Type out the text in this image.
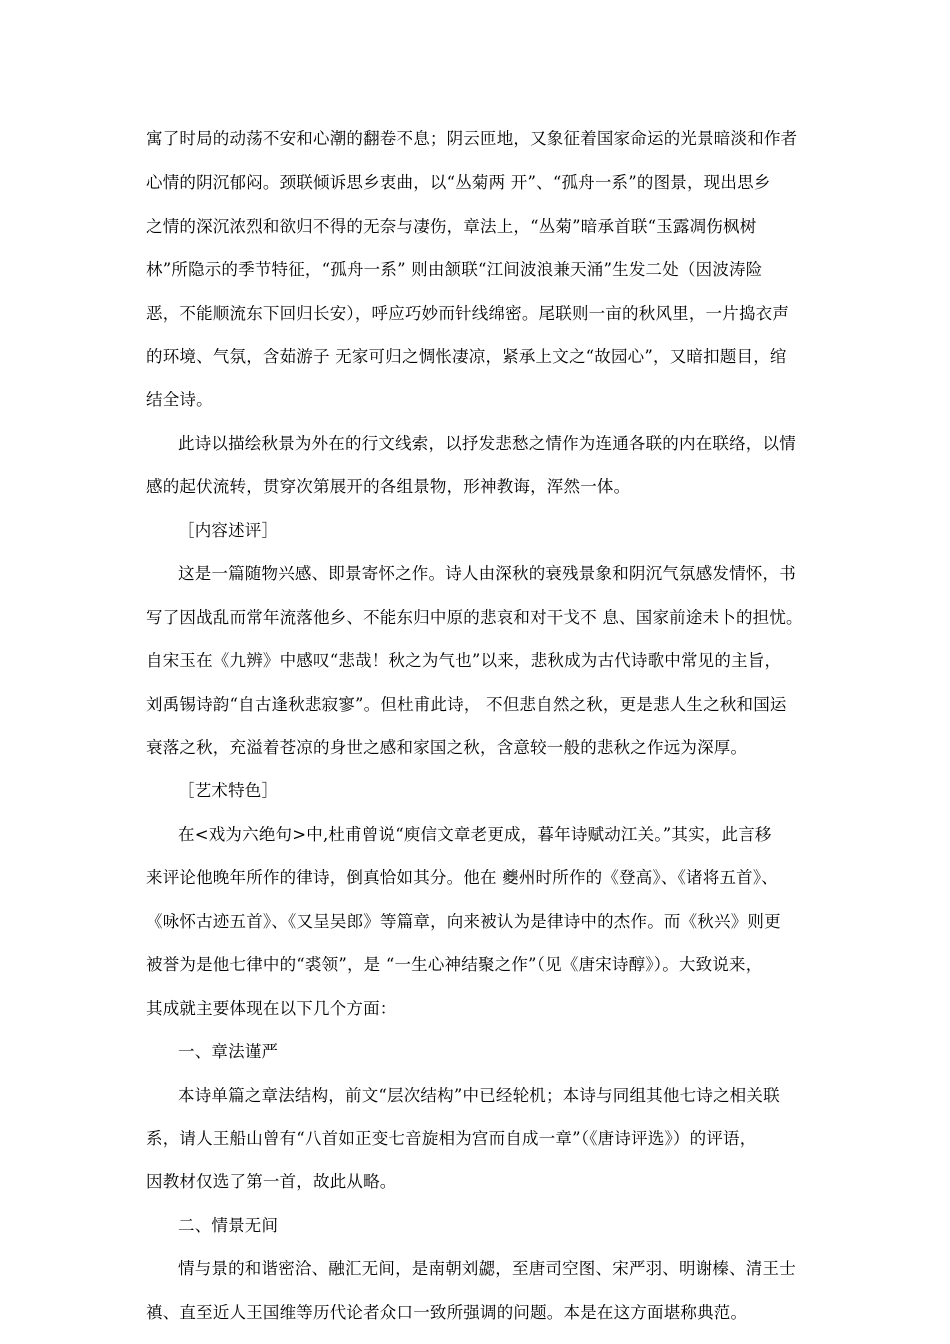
寓了时局的动荡不安和心潮的翻卷不息；阴云匝地，又象征着国家命运的光景暗淡和作者
心情的阴沉郁闷。颈联倾诉思乡衷曲，以“丛菊两 开”、“孤舟一系”的图景，现出思乡
之情的深沉浓烈和欲归不得的无奈与凄伤，章法上，“丛菊”暗承首联“玉露凋伤枫树
林”所隐示的季节特征，“孤舟一系” 则由颔联“江间波浪兼天涌”生发二处（因波涛险
恶，不能顺流东下回归长安），呼应巧妙而针线绵密。尾联则一亩的秋风里，一片捣衣声
的环境、气氛，含茹游子 无家可归之惆怅凄凉，紧承上文之“故园心”，又暗扣题目，绾
结全诗。
此诗以描绘秋景为外在的行文线索，以抒发悲愁之情作为连通各联的内在联络，以情
感的起伏流转，贯穿次第展开的各组景物，形神教诲，浑然一体。
［内容述评］
这是一篇随物兴感、即景寄怀之作。诗人由深秋的衰残景象和阴沉气氛感发情怀，书
写了因战乱而常年流落他乡、不能东归中原的悲哀和对干戈不 息、国家前途未卜的担忧。
自宋玉在《九辨》中感叹“悲哉！秋之为气也”以来，悲秋成为古代诗歌中常见的主旨，
刘禹锡诗韵“自古逢秋悲寂寥”。但杜甫此诗， 不但悲自然之秋，更是悲人生之秋和国运
衰落之秋，充溢着苍凉的身世之感和家国之秋，含意较一般的悲秋之作远为深厚。
［艺术特色］
在<戏为六绝句>中,杜甫曾说“庾信文章老更成，暮年诗赋动江关。”其实，此言移
来评论他晚年所作的律诗，倒真恰如其分。他在 夔州时所作的《登高》、《诸将五首》、
《咏怀古迹五首》、《又呈吴郎》等篇章，向来被认为是律诗中的杰作。而《秋兴》则更
被誉为是他七律中的“裘领”，是 “一生心神结聚之作”（见《唐宋诗醇》）。大致说来，
其成就主要体现在以下几个方面：
一、章法谨严
本诗单篇之章法结构，前文“层次结构”中已经轮机；本诗与同组其他七诗之相关联
系，请人王船山曾有“八首如正变七音旋相为宫而自成一章”（《唐诗评选》）的评语，
因教材仅选了第一首，故此从略。
二、情景无间
情与景的和谐密洽、融汇无间，是南朝刘勰，至唐司空图、宋严羽、明谢榛、清王士
禛、直至近人王国维等历代论者众口一致所强调的问题。本是在这方面堪称典范。
